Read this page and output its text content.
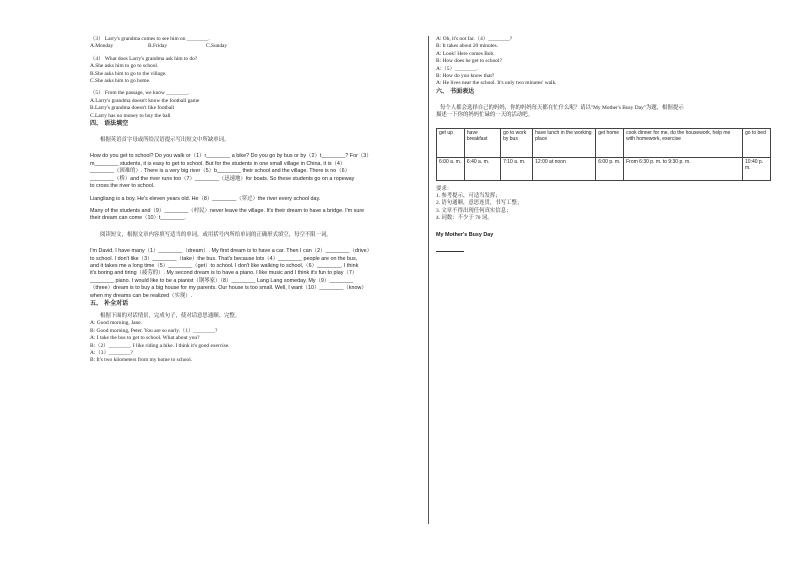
（3） Larry's grandma comes to see him on ________.
A.Monday	B.Friday	C.Sunday
（4） What does Larry's grandma ask him to do?
A.She asks him to go to school.
B.She asks him to go to the village.
C.She asks him to go home.
（5） From the passage, we know ________.
A.Larry's grandma doesn't know the football game
B.Larry's grandma doesn't like football
C.Larry has no money to buy the ball
四、 语法填空
根据英语首字母或所给汉语提示写出短文中所缺单词。
How do you get to school? Do you walk or（1）r________ a bike? Do you go by bus or by（2）t________? For（3）
m________ students, it is easy to get to school. But for the students in one small village in China, it is（4）
________（困难的）. There is a very big river（5）b________ their school and the village. There is no（6）
________（桥）and the river runs too（7）________（迅速地）for boats. So these students go on a ropeway
to cross the river to school.
Liangliang is a boy. He's eleven years old. He（8）________（穿过）the river every school day.
Many of the students and（9）________（村民）never leave the village. It's their dream to have a bridge. I'm sure
their dream can come（10）t________.
阅读短文，根据文章内容填写适当的单词，或用括号内所给单词的正确形式填空，每空不限一词。
I'm David. I have many（1）________（dream）. My first dream is to have a car. Then I can（2）________（drive）
to school. I don't like（3）________（take）the bus. That's because lots（4）________ people are on the bus,
and it takes me a long time（5）________（get）to school. I don't like walking to school,（6）________. I think
it's boring and tiring（疲劳的）. My second dream is to have a piano. I like music and I think it's fun to play（7）
________ piano. I would like to be a pianist（钢琴家）（8）________ Lang Lang someday. My（9）________
（three）dream is to buy a big house for my parents. Our house is too small. Well, I want（10）________（know）
when my dreams can be realized（实现）.
五、 补全对话
根据下面的对话情景，完成句子，使对话意思通顺、完整。
A: Good morning, Jane.
B: Good morning, Peter. You are so early.（1）________?
A: I take the bus to get to school. What about you?
B:（2）________. I like riding a bike. I think it's good exercise.
A:（3）________?
B: It's two kilometers from my home to school.
A: Oh, it's not far.（4）________?
B: It takes about 20 minutes.
A: Look! Here comes Bob.
B: How does he get to school?
A:（5）________.
B: How do you know that?
A: He lives near the school. It's only two minutes' walk.
六、 书面表达
每个人都会选择自己的妈妈，你的妈妈每天都在忙什么呢？请以"My Mother's Busy Day"为题，根据提示
描述一下你的妈妈忙碌的一天的活动吧。
get up	have breakfast	go to work by bus	have lunch in the working place	get home	cook dinner for me, do the housework, help me with homework, exercise	go to bed
6:00 a. m.	6:40 a. m.	7:10 a. m.	12:00 at noon	6:00 p. m.	From 6:30 p. m. to 9:30 p. m.	10:40 p. m.
要求：
1. 参考提示，可适当发挥；
2. 语句通顺，意思连贯，书写工整；
3. 文章不得出现任何真实信息；
4. 词数：不少于 70 词。
My Mother's Busy Day
